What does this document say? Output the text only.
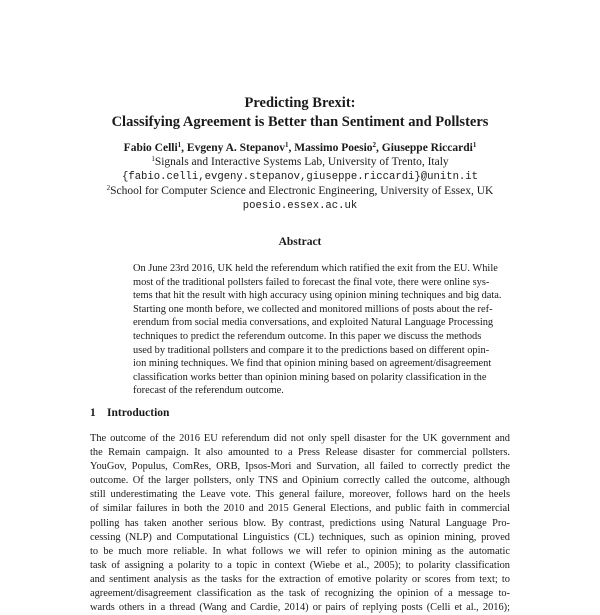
Predicting Brexit:
Classifying Agreement is Better than Sentiment and Pollsters
Fabio Celli$^1$, Evgeny A. Stepanov$^1$, Massimo Poesio$^2$, Giuseppe Riccardi$^1$
$^1$Signals and Interactive Systems Lab, University of Trento, Italy
{fabio.celli,evgeny.stepanov,giuseppe.riccardi}@unitn.it
$^2$School for Computer Science and Electronic Engineering, University of Essex, UK
poesio.essex.ac.uk
Abstract
On June 23rd 2016, UK held the referendum which ratified the exit from the EU. While
most of the traditional pollsters failed to forecast the final vote, there were online sys-
tems that hit the result with high accuracy using opinion mining techniques and big data.
Starting one month before, we collected and monitored millions of posts about the ref-
erendum from social media conversations, and exploited Natural Language Processing
techniques to predict the referendum outcome. In this paper we discuss the methods
used by traditional pollsters and compare it to the predictions based on different opin-
ion mining techniques. We find that opinion mining based on agreement/disagreement
classification works better than opinion mining based on polarity classification in the
forecast of the referendum outcome.
1 Introduction
The outcome of the 2016 EU referendum did not only spell disaster for the UK government and
the Remain campaign. It also amounted to a Press Release disaster for commercial pollsters.
YouGov, Populus, ComRes, ORB, Ipsos-Mori and Survation, all failed to correctly predict the
outcome. Of the larger pollsters, only TNS and Opinium correctly called the outcome, although
still underestimating the Leave vote. This general failure, moreover, follows hard on the heels
of similar failures in both the 2010 and 2015 General Elections, and public faith in commercial
polling has taken another serious blow. By contrast, predictions using Natural Language Pro-
cessing (NLP) and Computational Linguistics (CL) techniques, such as opinion mining, proved
to be much more reliable. In what follows we will refer to opinion mining as the automatic
task of assigning a polarity to a topic in context (Wiebe et al., 2005); to polarity classification
and sentiment analysis as the tasks for the extraction of emotive polarity or scores from text; to
agreement/disagreement classification as the task of recognizing the opinion of a message to-
wards others in a thread (Wang and Cardie, 2014) or pairs of replying posts (Celli et al., 2016);
